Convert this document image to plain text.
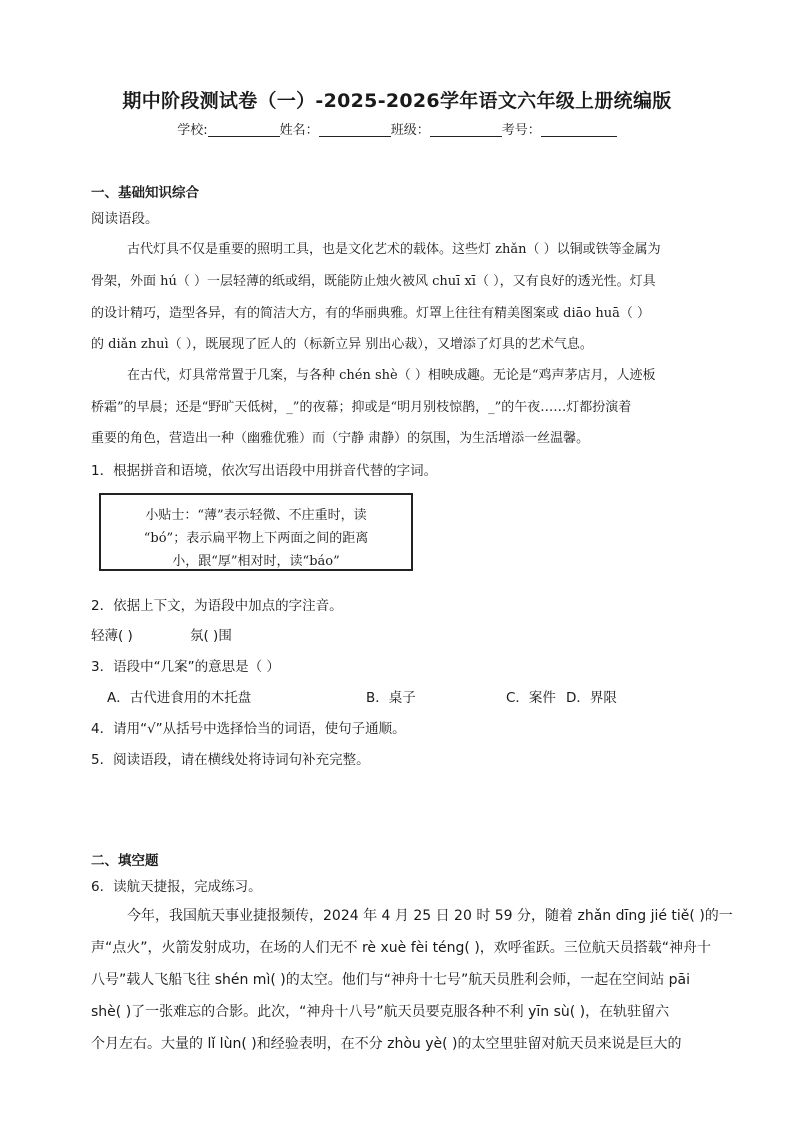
期中阶段测试卷（一）-2025-2026学年语文六年级上册统编版
学校:	姓名：	班级：	考号：
一、基础知识综合
阅读语段。
古代灯具不仅是重要的照明工具，也是文化艺术的载体。这些灯 zhǎn（ ）以铜或铁等金属为
骨架，外面 hú（ ）一层轻薄的纸或绢，既能防止烛火被风 chuī xī（ ），又有良好的透光性。灯具
的设计精巧，造型各异，有的简洁大方，有的华丽典雅。灯罩上往往有精美图案或 diāo huā（ ）
的 diǎn zhuì（ ），既展现了匠人的（标新立异 别出心裁），又增添了灯具的艺术气息。
在古代，灯具常常置于几案，与各种 chén shè（ ）相映成趣。无论是“鸡声茅店月，人迹板
桥霜”的早晨；还是“野旷天低树，_”的夜幕；抑或是“明月别枝惊鹊，_”的午夜……灯都扮演着
重要的角色，营造出一种（幽雅优雅）而（宁静 肃静）的氛围，为生活增添一丝温馨。
1．根据拼音和语境，依次写出语段中用拼音代替的字词。
小贴士：“薄”表示轻微、不庄重时，读
“bó”；表示扁平物上下两面之间的距离
小，跟“厚”相对时，读“báo”
2．依据上下文，为语段中加点的字注音。
轻薄( )	氛( )围
3．语段中“几案”的意思是（ ）
A．古代进食用的木托盘	B．桌子	C．案件 D．界限
4．请用“√”从括号中选择恰当的词语，使句子通顺。
5．阅读语段，请在横线处将诗词句补充完整。
二、填空题
6．读航天捷报，完成练习。
今年，我国航天事业捷报频传，2024 年 4 月 25 日 20 时 59 分，随着 zhǎn dīng jié tiě( )的一
声“点火”，火箭发射成功，在场的人们无不 rè xuè fèi téng( )，欢呼雀跃。三位航天员搭载“神舟十
八号”载人飞船飞往 shén mì( )的太空。他们与“神舟十七号”航天员胜利会师，一起在空间站 pāi
shè( )了一张难忘的合影。此次，“神舟十八号”航天员要克服各种不利 yīn sù( )，在轨驻留六
个月左右。大量的 lǐ lùn( )和经验表明，在不分 zhòu yè( )的太空里驻留对航天员来说是巨大的
